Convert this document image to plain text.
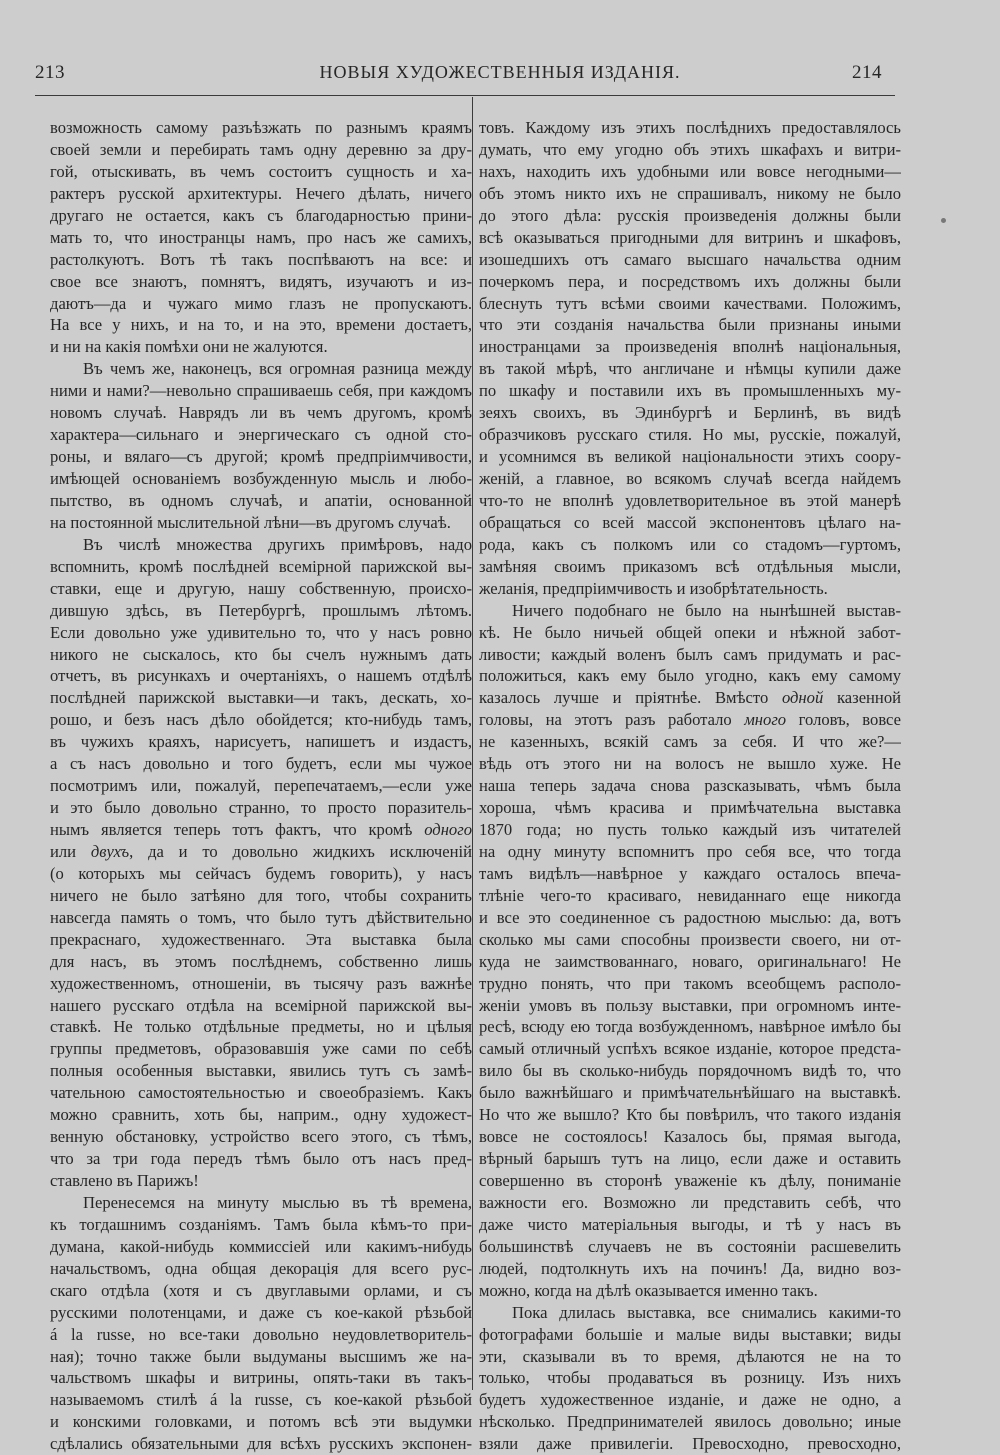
213	НОВЫЯ ХУДОЖЕСТВЕННЫЯ ИЗДАНІЯ.	214
возможность самому разъѣзжать по разнымъ краямъ
своей земли и перебирать тамъ одну деревню за дру-
гой, отыскивать, въ чемъ состоитъ сущность и ха-
рактеръ русской архитектуры. Нечего дѣлать, ничего
другаго не остается, какъ съ благодарностью прини-
мать то, что иностранцы намъ, про насъ же самихъ,
растолкуютъ. Вотъ тѣ такъ поспѣваютъ на все: и
свое все знаютъ, помнятъ, видятъ, изучаютъ и из-
даютъ—да и чужаго мимо глазъ не пропускаютъ.
На все у нихъ, и на то, и на это, времени достаетъ,
и ни на какія помѣхи они не жалуются.
Въ чемъ же, наконецъ, вся огромная разница между
ними и нами?—невольно спрашиваешь себя, при каждомъ
новомъ случаѣ. Наврядъ ли въ чемъ другомъ, кромѣ
характера—сильнаго и энергическаго съ одной сто-
роны, и вялаго—съ другой; кромѣ предпріимчивости,
имѣющей основаніемъ возбужденную мысль и любо-
пытство, въ одномъ случаѣ, и апатіи, основанной
на постоянной мыслительной лѣни—въ другомъ случаѣ.
Въ числѣ множества другихъ примѣровъ, надо
вспомнить, кромѣ послѣдней всемірной парижской вы-
ставки, еще и другую, нашу собственную, происхо-
дившую здѣсь, въ Петербургѣ, прошлымъ лѣтомъ.
Если довольно уже удивительно то, что у насъ ровно
никого не сыскалось, кто бы счелъ нужнымъ дать
отчетъ, въ рисункахъ и очертаніяхъ, о нашемъ отдѣлѣ
послѣдней парижской выставки—и такъ, дескать, хо-
рошо, и безъ насъ дѣло обойдется; кто-нибудь тамъ,
въ чужихъ краяхъ, нарисуетъ, напишетъ и издастъ,
а съ насъ довольно и того будетъ, если мы чужое
посмотримъ или, пожалуй, перепечатаемъ,—если уже
и это было довольно странно, то просто поразитель-
нымъ является теперь тотъ фактъ, что кромѣ одного
или двухъ, да и то довольно жидкихъ исключеній
(о которыхъ мы сейчасъ будемъ говорить), у насъ
ничего не было затѣяно для того, чтобы сохранить
навсегда память о томъ, что было тутъ дѣйствительно
прекраснаго, художественнаго. Эта выставка была
для насъ, въ этомъ послѣднемъ, собственно лишь
художественномъ, отношеніи, въ тысячу разъ важнѣе
нашего русскаго отдѣла на всемірной парижской вы-
ставкѣ. Не только отдѣльные предметы, но и цѣлыя
группы предметовъ, образовавшія уже сами по себѣ
полныя особенныя выставки, явились тутъ съ замѣ-
чательною самостоятельностью и своеобразіемъ. Какъ
можно сравнить, хоть бы, наприм., одну художест-
венную обстановку, устройство всего этого, съ тѣмъ,
что за три года передъ тѣмъ было отъ насъ пред-
ставлено въ Парижъ!
Перенесемся на минуту мыслью въ тѣ времена,
къ тогдашнимъ созданіямъ. Тамъ была кѣмъ-то при-
думана, какой-нибудь коммиссіей или какимъ-нибудь
начальствомъ, одна общая декорація для всего рус-
скаго отдѣла (хотя и съ двуглавыми орлами, и съ
русскими полотенцами, и даже съ кое-какой рѣзьбой
á la russe, но все-таки довольно неудовлетворитель-
ная); точно также были выдуманы высшимъ же на-
чальствомъ шкафы и витрины, опять-таки въ такъ-
называемомъ стилѣ á la russe, съ кое-какой рѣзьбой
и конскими головками, и потомъ всѣ эти выдумки
сдѣлались обязательными для всѣхъ русскихъ экспонен-
товъ. Каждому изъ этихъ послѣднихъ предоставлялось
думать, что ему угодно объ этихъ шкафахъ и витри-
нахъ, находить ихъ удобными или вовсе негодными—
объ этомъ никто ихъ не спрашивалъ, никому не было
до этого дѣла: русскія произведенія должны были
всѣ оказываться пригодными для витринъ и шкафовъ,
изошедшихъ отъ самаго высшаго начальства одним
почеркомъ пера, и посредствомъ ихъ должны были
блеснуть тутъ всѣми своими качествами. Положимъ,
что эти созданія начальства были признаны иными
иностранцами за произведенія вполнѣ національныя,
въ такой мѣрѣ, что англичане и нѣмцы купили даже
по шкафу и поставили ихъ въ промышленныхъ му-
зеяхъ своихъ, въ Эдинбургѣ и Берлинѣ, въ видѣ
образчиковъ русскаго стиля. Но мы, русскіе, пожалуй,
и усомнимся въ великой національности этихъ соору-
женій, а главное, во всякомъ случаѣ всегда найдемъ
что-то не вполнѣ удовлетворительное въ этой манерѣ
обращаться со всей массой экспонентовъ цѣлаго на-
рода, какъ съ полкомъ или со стадомъ—гуртомъ,
замѣняя своимъ приказомъ всѣ отдѣльныя мысли,
желанія, предпріимчивость и изобрѣтательность.
Ничего подобнаго не было на нынѣшней выстав-
кѣ. Не было ничьей общей опеки и нѣжной забот-
ливости; каждый воленъ былъ самъ придумать и рас-
положиться, какъ ему было угодно, какъ ему самому
казалось лучше и пріятнѣе. Вмѣсто одной казенной
головы, на этотъ разъ работало много головъ, вовсе
не казенныхъ, всякій самъ за себя. И что же?—
вѣдь отъ этого ни на волосъ не вышло хуже. Не
наша теперь задача снова разсказывать, чѣмъ была
хороша, чѣмъ красива и примѣчательна выставка
1870 года; но пусть только каждый изъ читателей
на одну минуту вспомнитъ про себя все, что тогда
тамъ видѣлъ—навѣрное у каждаго осталось впеча-
тлѣніе чего-то красиваго, невиданнаго еще никогда
и все это соединенное съ радостною мыслью: да, вотъ
сколько мы сами способны произвести своего, ни от-
куда не заимствованнаго, новаго, оригинальнаго! Не
трудно понять, что при такомъ всеобщемъ располо-
женіи умовъ въ пользу выставки, при огромномъ инте-
ресѣ, всюду ею тогда возбужденномъ, навѣрное имѣло бы
самый отличный успѣхъ всякое изданіе, которое предста-
вило бы въ сколько-нибудь порядочномъ видѣ то, что
было важнѣйшаго и примѣчательнѣйшаго на выставкѣ.
Но что же вышло? Кто бы повѣрилъ, что такого изданія
вовсе не состоялось! Казалось бы, прямая выгода,
вѣрный барышъ тутъ на лицо, если даже и оставить
совершенно въ сторонѣ уваженіе къ дѣлу, пониманіе
важности его. Возможно ли представить себѣ, что
даже чисто матеріальныя выгоды, и тѣ у насъ въ
большинствѣ случаевъ не въ состояніи расшевелить
людей, подтолкнуть ихъ на починъ! Да, видно воз-
можно, когда на дѣлѣ оказывается именно такъ.
Пока длилась выставка, все снимались какими-то
фотографами большіе и малые виды выставки; виды
эти, сказывали въ то время, дѣлаются не на то
только, чтобы продаваться въ розницу. Изъ нихъ
будетъ художественное изданіе, и даже не одно, а
нѣсколько. Предпринимателей явилось довольно; иные
взяли даже привилегіи. Превосходно, превосходно,
